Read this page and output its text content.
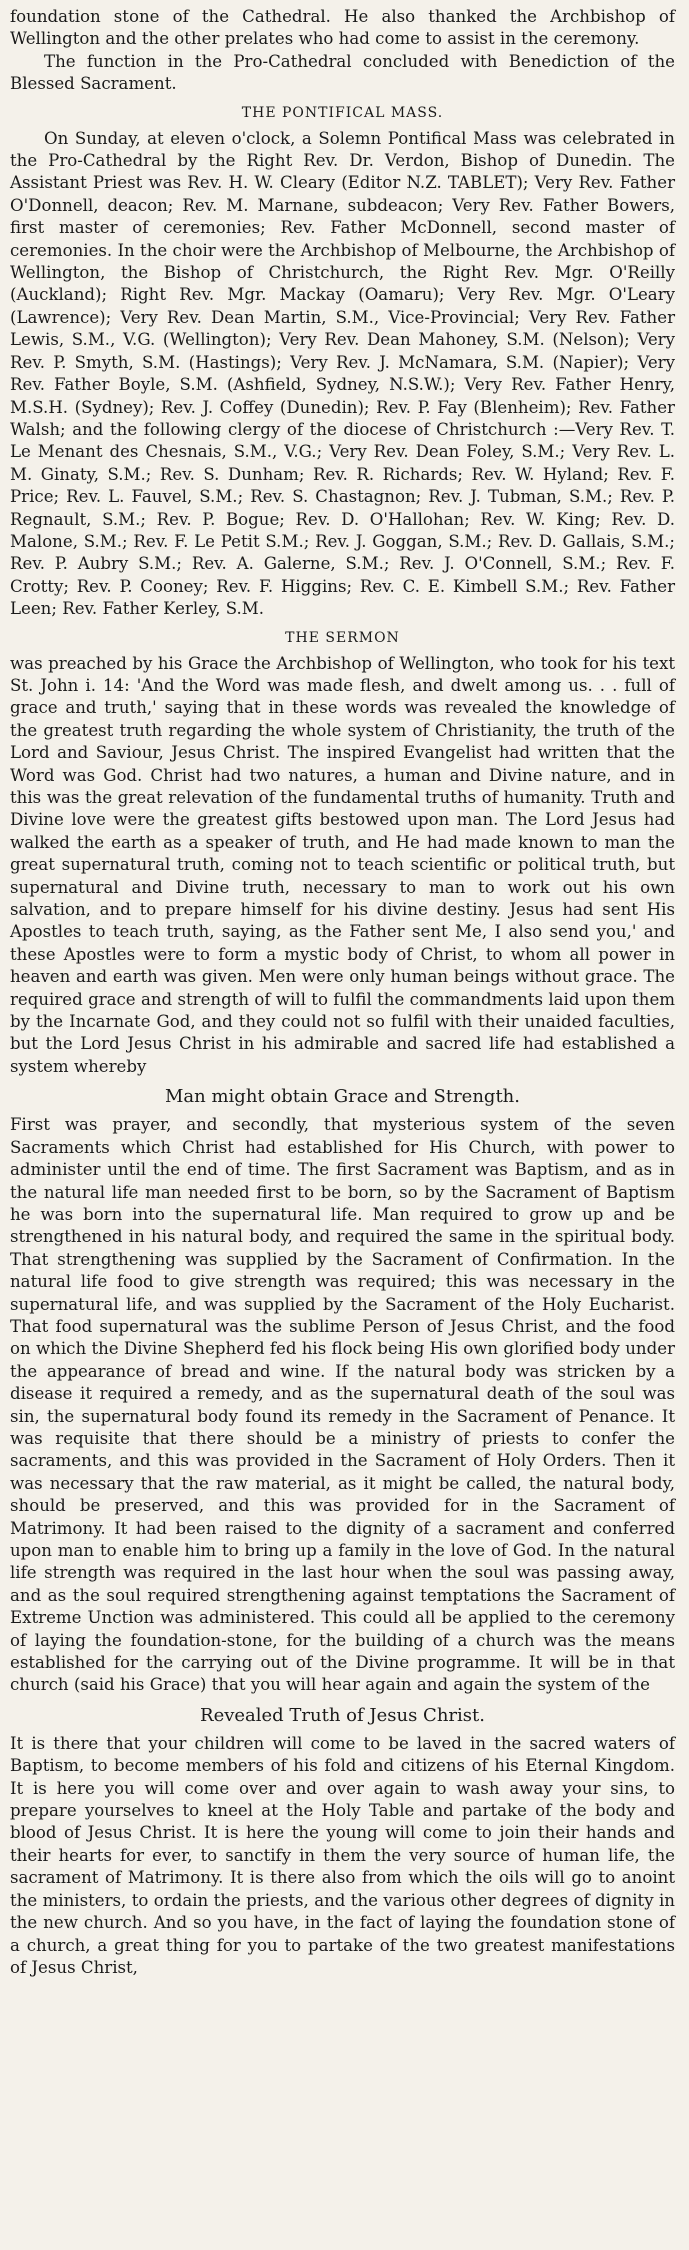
foundation stone of the Cathedral. He also thanked the Archbishop of Wellington and the other prelates who had come to assist in the ceremony.

The function in the Pro-Cathedral concluded with Benediction of the Blessed Sacrament.

THE PONTIFICAL MASS.

On Sunday, at eleven o'clock, a Solemn Pontifical Mass was celebrated in the Pro-Cathedral by the Right Rev. Dr. Verdon, Bishop of Dunedin. The Assistant Priest was Rev. H. W. Cleary (Editor N.Z. TABLET); Very Rev. Father O'Donnell, deacon; Rev. M. Marnane, subdeacon; Very Rev. Father Bowers, first master of ceremonies; Rev. Father McDonnell, second master of ceremonies. In the choir were the Archbishop of Melbourne, the Archbishop of Wellington, the Bishop of Christchurch, the Right Rev. Mgr. O'Reilly (Auckland); Right Rev. Mgr. Mackay (Oamaru); Very Rev. Mgr. O'Leary (Lawrence); Very Rev. Dean Martin, S.M., Vice-Provincial; Very Rev. Father Lewis, S.M., V.G. (Wellington); Very Rev. Dean Mahoney, S.M. (Nelson); Very Rev. P. Smyth, S.M. (Hastings); Very Rev. J. McNamara, S.M. (Napier); Very Rev. Father Boyle, S.M. (Ashfield, Sydney, N.S.W.); Very Rev. Father Henry, M.S.H. (Sydney); Rev. J. Coffey (Dunedin); Rev. P. Fay (Blenheim); Rev. Father Walsh; and the following clergy of the diocese of Christchurch :—Very Rev. T. Le Menant des Chesnais, S.M., V.G.; Very Rev. Dean Foley, S.M.; Very Rev. L. M. Ginaty, S.M.; Rev. S. Dunham; Rev. R. Richards; Rev. W. Hyland; Rev. F. Price; Rev. L. Fauvel, S.M.; Rev. S. Chastagnon; Rev. J. Tubman, S.M.; Rev. P. Regnault, S.M.; Rev. P. Bogue; Rev. D. O'Hallohan; Rev. W. King; Rev. D. Malone, S.M.; Rev. F. Le Petit S.M.; Rev. J. Goggan, S.M.; Rev. D. Gallais, S.M.; Rev. P. Aubry S.M.; Rev. A. Galerne, S.M.; Rev. J. O'Connell, S.M.; Rev. F. Crotty; Rev. P. Cooney; Rev. F. Higgins; Rev. C. E. Kimbell S.M.; Rev. Father Leen; Rev. Father Kerley, S.M.

THE SERMON

was preached by his Grace the Archbishop of Wellington, who took for his text St. John i. 14: 'And the Word was made flesh, and dwelt among us. . . full of grace and truth,' saying that in these words was revealed the knowledge of the greatest truth regarding the whole system of Christianity, the truth of the Lord and Saviour, Jesus Christ. The inspired Evangelist had written that the Word was God. Christ had two natures, a human and Divine nature, and in this was the great relevation of the fundamental truths of humanity. Truth and Divine love were the greatest gifts bestowed upon man. The Lord Jesus had walked the earth as a speaker of truth, and He had made known to man the great supernatural truth, coming not to teach scientific or political truth, but supernatural and Divine truth, necessary to man to work out his own salvation, and to prepare himself for his divine destiny. Jesus had sent His Apostles to teach truth, saying, as the Father sent Me, I also send you,' and these Apostles were to form a mystic body of Christ, to whom all power in heaven and earth was given. Men were only human beings without grace. The required grace and strength of will to fulfil the commandments laid upon them by the Incarnate God, and they could not so fulfil with their unaided faculties, but the Lord Jesus Christ in his admirable and sacred life had established a system whereby

Man might obtain Grace and Strength.

First was prayer, and secondly, that mysterious system of the seven Sacraments which Christ had established for His Church, with power to administer until the end of time. The first Sacrament was Baptism, and as in the natural life man needed first to be born, so by the Sacrament of Baptism he was born into the supernatural life. Man required to grow up and be strengthened in his natural body, and required the same in the spiritual body. That strengthening was supplied by the Sacrament of Confirmation. In the natural life food to give strength was required; this was necessary in the supernatural life, and was supplied by the Sacrament of the Holy Eucharist. That food supernatural was the sublime Person of Jesus Christ, and the food on which the Divine Shepherd fed his flock being His own glorified body under the appearance of bread and wine. If the natural body was stricken by a disease it required a remedy, and as the supernatural death of the soul was sin, the supernatural body found its remedy in the Sacrament of Penance. It was requisite that there should be a ministry of priests to confer the sacraments, and this was provided in the Sacrament of Holy Orders. Then it was necessary that the raw material, as it might be called, the natural body, should be preserved, and this was provided for in the Sacrament of Matrimony. It had been raised to the dignity of a sacrament and conferred upon man to enable him to bring up a family in the love of God. In the natural life strength was required in the last hour when the soul was passing away, and as the soul required strengthening against temptations the Sacrament of Extreme Unction was administered. This could all be applied to the ceremony of laying the foundation-stone, for the building of a church was the means established for the carrying out of the Divine programme. It will be in that church (said his Grace) that you will hear again and again the system of the

Revealed Truth of Jesus Christ.

It is there that your children will come to be laved in the sacred waters of Baptism, to become members of his fold and citizens of his Eternal Kingdom. It is here you will come over and over again to wash away your sins, to prepare yourselves to kneel at the Holy Table and partake of the body and blood of Jesus Christ. It is here the young will come to join their hands and their hearts for ever, to sanctify in them the very source of human life, the sacrament of Matrimony. It is there also from which the oils will go to anoint the ministers, to ordain the priests, and the various other degrees of dignity in the new church. And so you have, in the fact of laying the foundation stone of a church, a great thing for you to partake of the two greatest manifestations of Jesus Christ,
